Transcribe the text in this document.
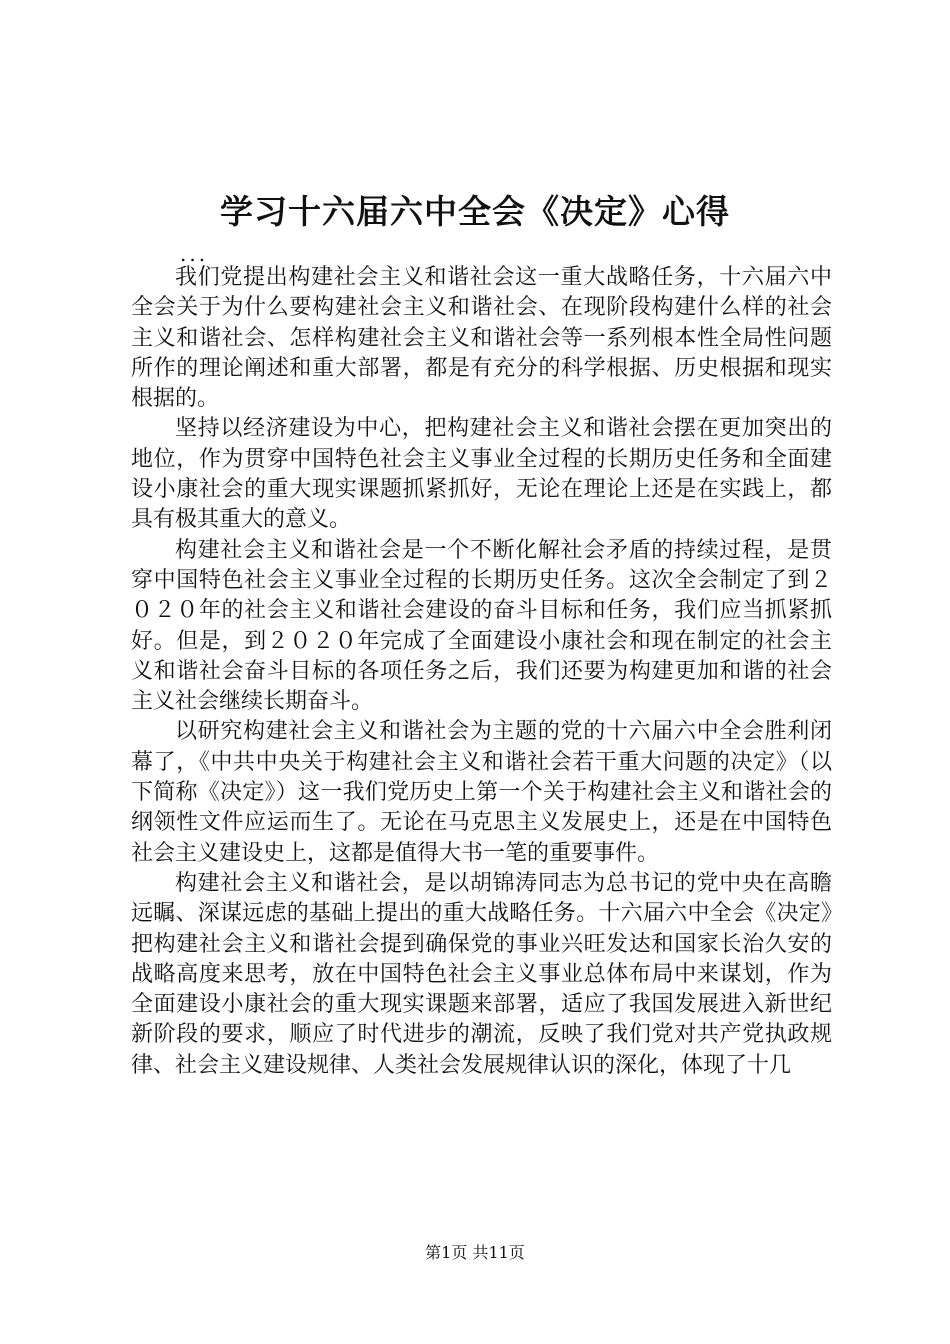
学习十六届六中全会《决定》心得
...

我们党提出构建社会主义和谐社会这一重大战略任务，十六届六中全会关于为什么要构建社会主义和谐社会、在现阶段构建什么样的社会主义和谐社会、怎样构建社会主义和谐社会等一系列根本性全局性问题所作的理论阐述和重大部署，都是有充分的科学根据、历史根据和现实根据的。

坚持以经济建设为中心，把构建社会主义和谐社会摆在更加突出的地位，作为贯穿中国特色社会主义事业全过程的长期历史任务和全面建设小康社会的重大现实课题抓紧抓好，无论在理论上还是在实践上，都具有极其重大的意义。

构建社会主义和谐社会是一个不断化解社会矛盾的持续过程，是贯穿中国特色社会主义事业全过程的长期历史任务。这次全会制定了到２０２０年的社会主义和谐社会建设的奋斗目标和任务，我们应当抓紧抓好。但是，到２０２０年完成了全面建设小康社会和现在制定的社会主义和谐社会奋斗目标的各项任务之后，我们还要为构建更加和谐的社会主义社会继续长期奋斗。

以研究构建社会主义和谐社会为主题的党的十六届六中全会胜利闭幕了，《中共中央关于构建社会主义和谐社会若干重大问题的决定》（以下简称《决定》）这一我们党历史上第一个关于构建社会主义和谐社会的纲领性文件应运而生了。无论在马克思主义发展史上，还是在中国特色社会主义建设史上，这都是值得大书一笔的重要事件。

构建社会主义和谐社会，是以胡锦涛同志为总书记的党中央在高瞻远瞩、深谋远虑的基础上提出的重大战略任务。十六届六中全会《决定》把构建社会主义和谐社会提到确保党的事业兴旺发达和国家长治久安的战略高度来思考，放在中国特色社会主义事业总体布局中来谋划，作为全面建设小康社会的重大现实课题来部署，适应了我国发展进入新世纪新阶段的要求，顺应了时代进步的潮流，反映了我们党对共产党执政规律、社会主义建设规律、人类社会发展规律认识的深化，体现了十几

第1页 共11页
